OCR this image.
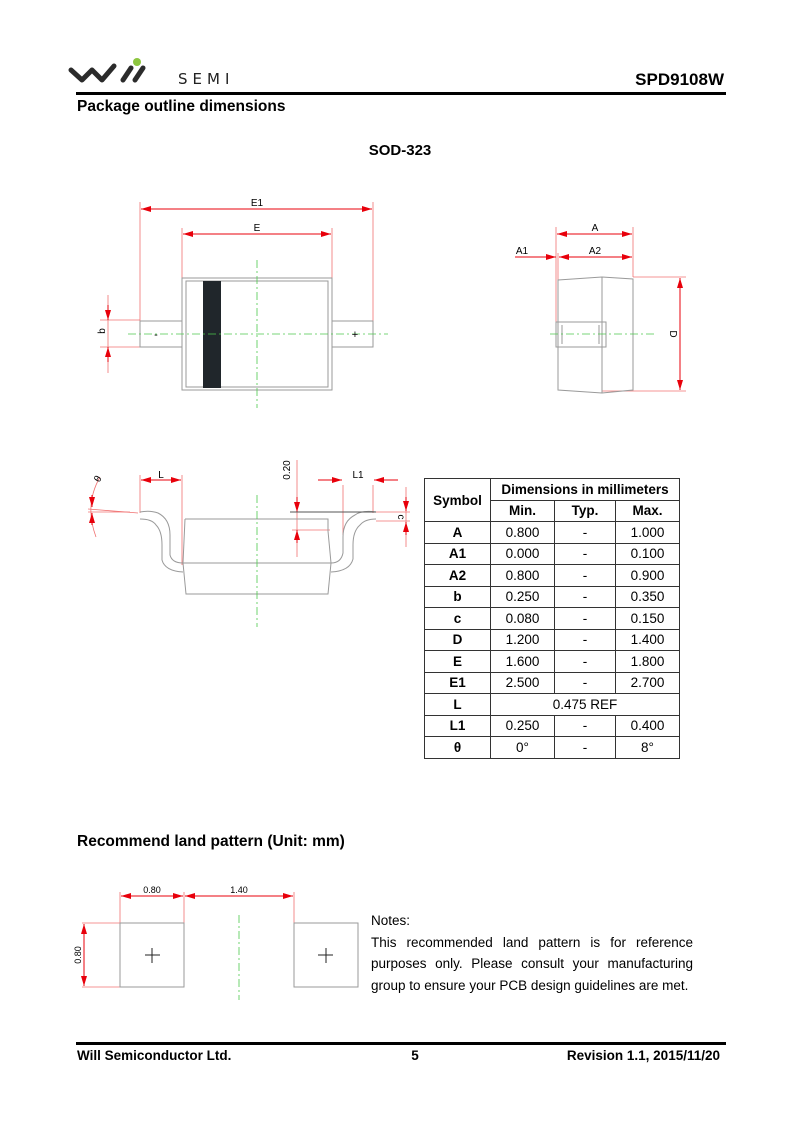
SEMI	SPD9108W
Package outline dimensions
SOD-323
E1
E
b	-	+
A
A1	A2
D
θ	L	0.20	L1
c
Symbol	Dimensions in millimeters		
	Min.	Typ.	Max.
A	0.800	-	1.000
A1	0.000	-	0.100
A2	0.800	-	0.900
b	0.250	-	0.350
c	0.080	-	0.150
D	1.200	-	1.400
E	1.600	-	1.800
E1	2.500	-	2.700
L	0.475 REF		
L1	0.250	-	0.400
θ	0°	-	8°
Recommend land pattern (Unit: mm)
0.80	1.40
0.80

Notes:

This recommended land pattern is for reference purposes only. Please consult your manufacturing group to ensure your PCB design guidelines are met.

Will Semiconductor Ltd.	5	Revision 1.1, 2015/11/20
